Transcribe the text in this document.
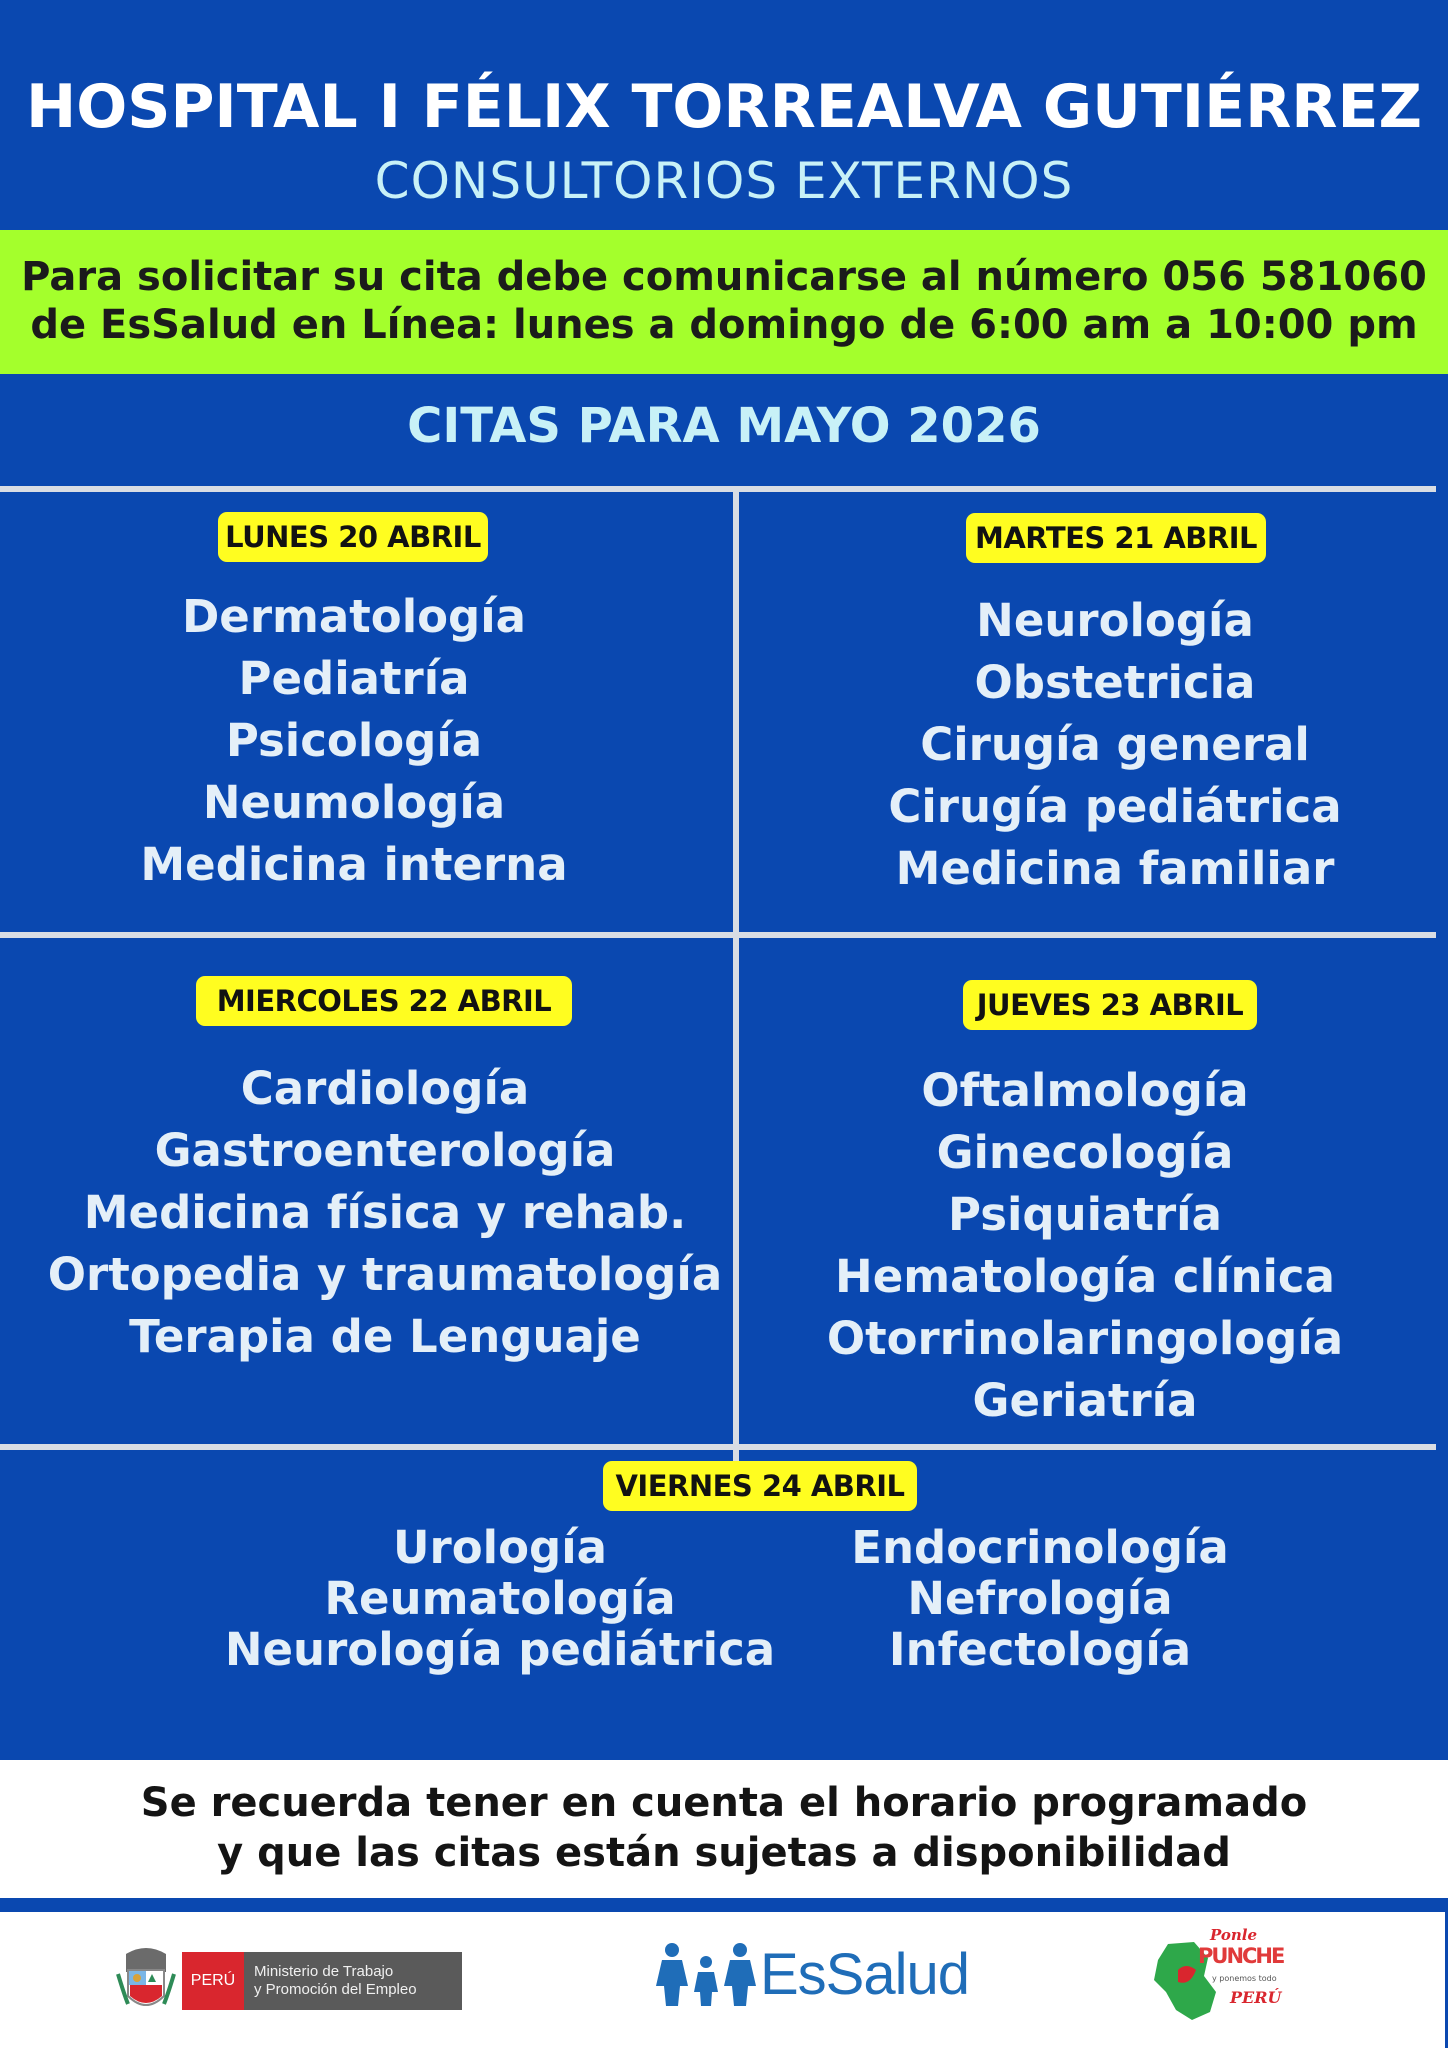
HOSPITAL I FÉLIX TORREALVA GUTIÉRREZ
CONSULTORIOS EXTERNOS
Para solicitar su cita debe comunicarse al número 056 581060
de EsSalud en Línea: lunes a domingo de 6:00 am a 10:00 pm
CITAS PARA MAYO 2026
LUNES 20 ABRIL
Dermatología
Pediatría
Psicología
Neumología
Medicina interna
MARTES 21 ABRIL
Neurología
Obstetricia
Cirugía general
Cirugía pediátrica
Medicina familiar
MIERCOLES 22 ABRIL
Cardiología
Gastroenterología
Medicina física y rehab.
Ortopedia y traumatología
Terapia de Lenguaje
JUEVES 23 ABRIL
Oftalmología
Ginecología
Psiquiatría
Hematología clínica
Otorrinolaringología
Geriatría
VIERNES 24 ABRIL
Urología
Reumatología
Neurología pediátrica
Endocrinología
Nefrología
Infectología
Se recuerda tener en cuenta el horario programado
y que las citas están sujetas a disponibilidad
PERÚ
Ministerio de Trabajo
y Promoción del Empleo	EsSalud
Ponle
PUNCHE
y ponemos todo
PERÚ
